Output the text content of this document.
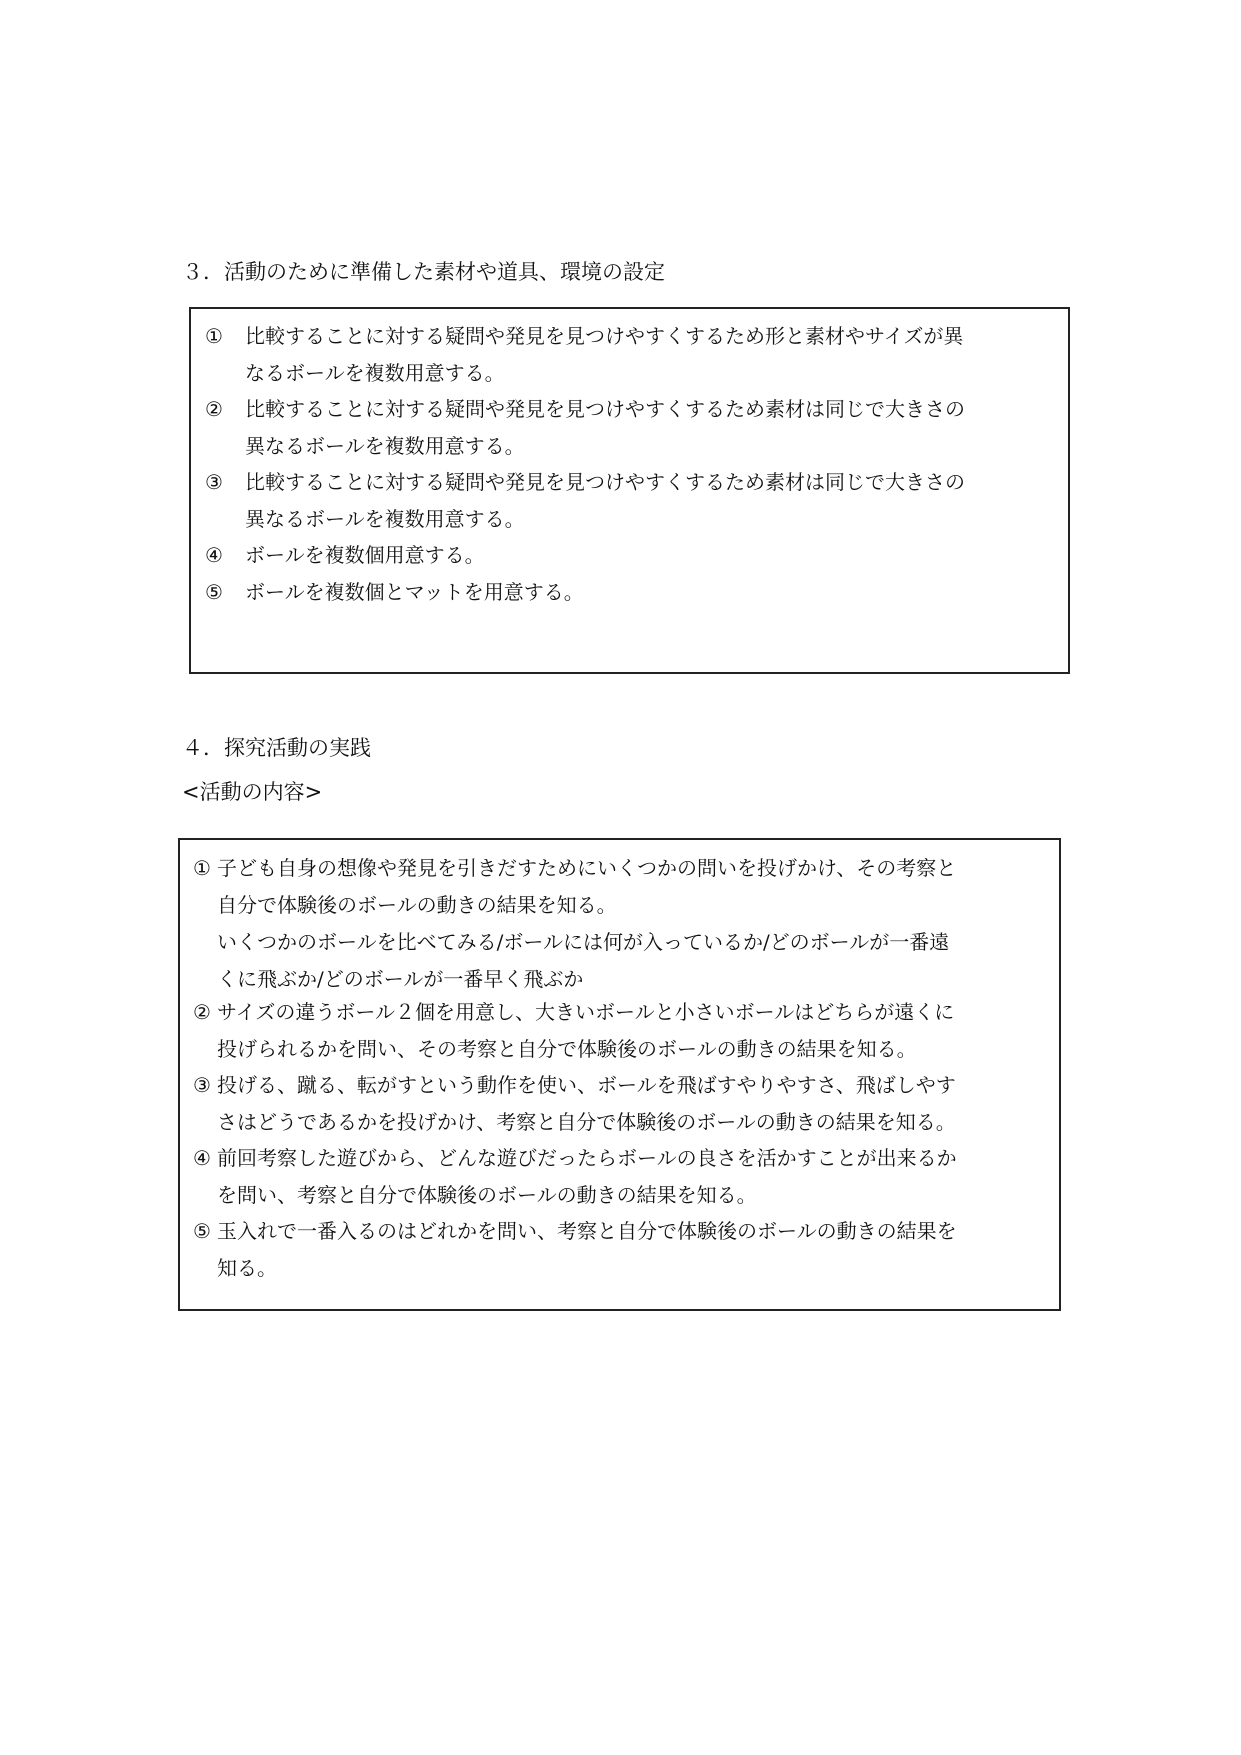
３．活動のために準備した素材や道具、環境の設定
①	比較することに対する疑問や発見を見つけやすくするため形と素材やサイズが異
なるボールを複数用意する。
②	比較することに対する疑問や発見を見つけやすくするため素材は同じで大きさの
異なるボールを複数用意する。
③	比較することに対する疑問や発見を見つけやすくするため素材は同じで大きさの
異なるボールを複数用意する。
④	ボールを複数個用意する。
⑤	ボールを複数個とマットを用意する。
４．探究活動の実践
<活動の内容>
① 子ども自身の想像や発見を引きだすためにいくつかの問いを投げかけ、その考察と
自分で体験後のボールの動きの結果を知る。
いくつかのボールを比べてみる/ボールには何が入っているか/どのボールが一番遠
くに飛ぶか/どのボールが一番早く飛ぶか
② サイズの違うボール２個を用意し、大きいボールと小さいボールはどちらが遠くに
投げられるかを問い、その考察と自分で体験後のボールの動きの結果を知る。
③ 投げる、蹴る、転がすという動作を使い、ボールを飛ばすやりやすさ、飛ばしやす
さはどうであるかを投げかけ、考察と自分で体験後のボールの動きの結果を知る。
④ 前回考察した遊びから、どんな遊びだったらボールの良さを活かすことが出来るか
を問い、考察と自分で体験後のボールの動きの結果を知る。
⑤ 玉入れで一番入るのはどれかを問い、考察と自分で体験後のボールの動きの結果を
知る。
